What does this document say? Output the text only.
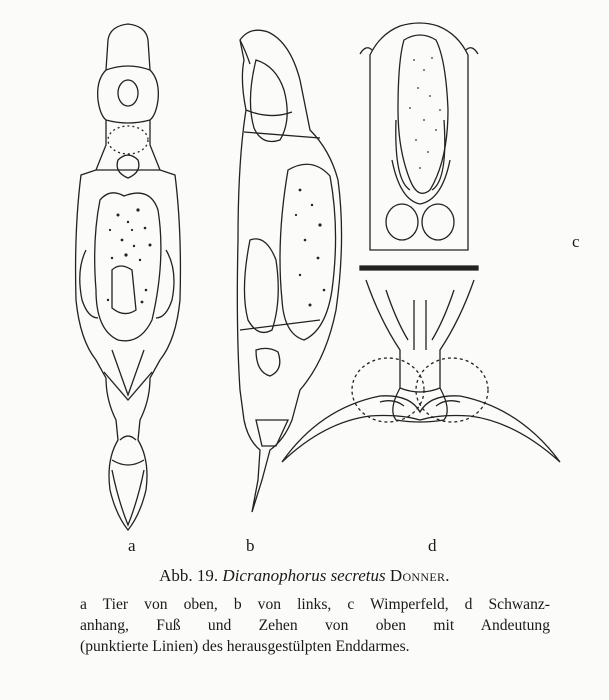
a	b
c
d
Abb. 19. Dicranophorus secretus Donner.
a Tier von oben, b von links, c Wimperfeld, d Schwanz-
anhang, Fuß und Zehen von oben mit Andeutung
(punktierte Linien) des herausgestülpten Enddarmes.
